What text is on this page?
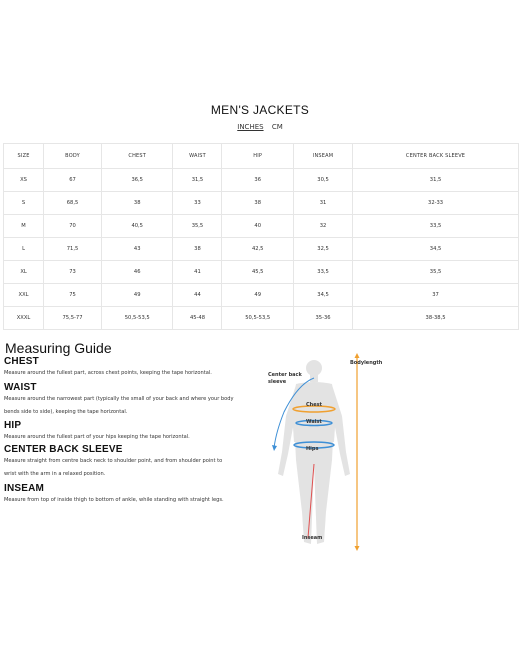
MEN'S JACKETS
INCHES CM
SIZE	BODY	CHEST	WAIST	HIP	INSEAM	CENTER BACK SLEEVE
XS	67	36,5	31,5	36	30,5	31,5
S	68,5	38	33	38	31	32-33
M	70	40,5	35,5	40	32	33,5
L	71,5	43	38	42,5	32,5	34,5
XL	73	46	41	45,5	33,5	35,5
XXL	75	49	44	49	34,5	37
XXXL	75,5-77	50,5-53,5	45-48	50,5-53,5	35-36	38-38,5
Measuring Guide
CHEST
Measure around the fullest part, across chest points, keeping the tape horizontal.
WAIST
Measure around the narrowest part (typically the small of your back and where your body
bends side to side), keeping the tape horizontal.
HIP
Measure around the fullest part of your hips keeping the tape horizontal.
CENTER BACK SLEEVE
Measure straight from centre back neck to shoulder point, and from shoulder point to
wrist with the arm in a relaxed position.
INSEAM
Measure from top of inside thigh to bottom of ankle, while standing with straight legs.
Bodylength
Center back
sleeve
Chest
Waist
Hips
Inseam
